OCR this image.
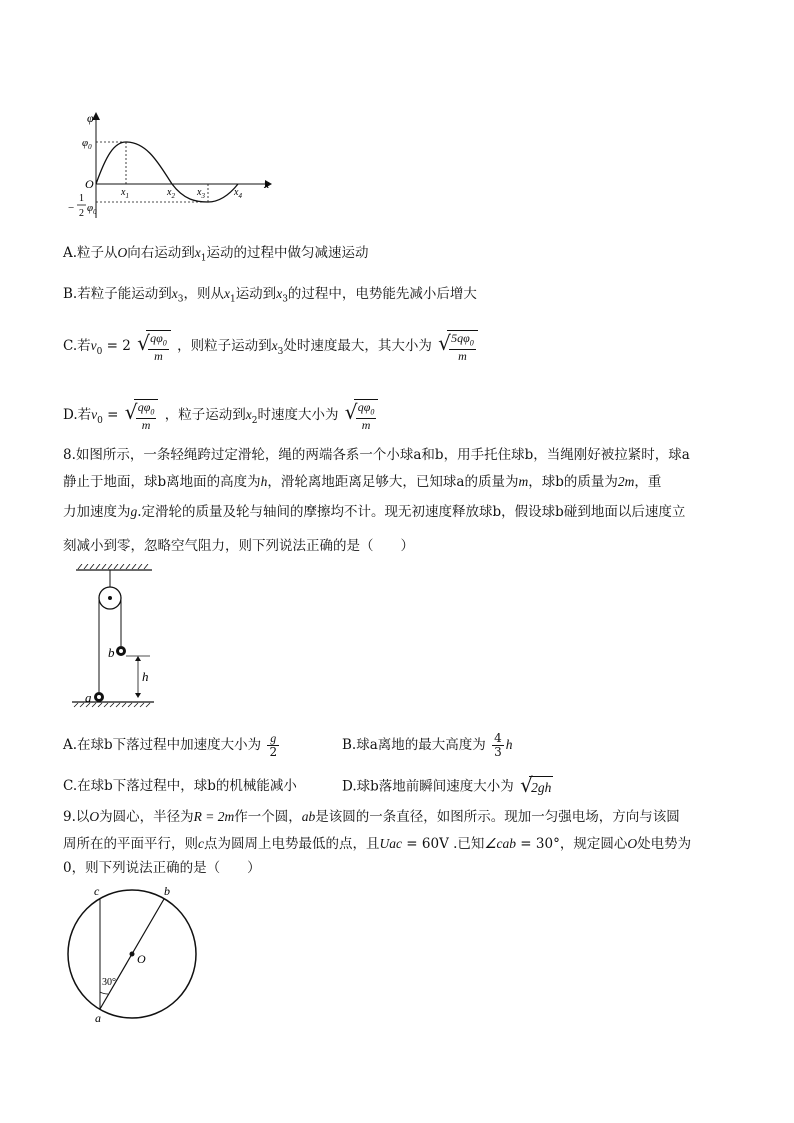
φ
$\varphi_0$
O	x
$x_1$	$x_2$ $x_3$	$x_4$
−
1
2 $\varphi_0$
A.粒子从O向右运动到$x_1$运动的过程中做匀减速运动
B.若粒子能运动到$x_3$，则从$x_1$运动到$x_3$的过程中，电势能先减小后增大
C.若$v_0 = 2$ √
$\frac{q\varphi_0}{m}$ ，则粒子运动到$x_3$处时速度最大，其大小为 √
$\frac{5q\varphi_0}{m}$
D.若$v_0$ = √
$\frac{q\varphi_0}{m}$ ，粒子运动到$x_2$时速度大小为 √
$\frac{q\varphi_0}{m}$
8.如图所示，一条轻绳跨过定滑轮，绳的两端各系一个小球a和b，用手托住球b，当绳刚好被拉紧时，球a
静止于地面，球b离地面的高度为h，滑轮离地距离足够大，已知球a的质量为m，球b的质量为2m，重
力加速度为g.定滑轮的质量及轮与轴间的摩擦均不计。现无初速度释放球b，假设球b碰到地面以后速度立
刻减小到零，忽略空气阻力，则下列说法正确的是（　　）
b
a
h
A.在球b下落过程中加速度大小为 $\frac{g}{2}$	B.球a离地的最大高度为 $\frac{4}{3}$ h
C.在球b下落过程中，球b的机械能减小	D.球b落地前瞬间速度大小为 √
2gh
9.以O为圆心，半径为R = 2m作一个圆，ab是该圆的一条直径，如图所示。现加一匀强电场，方向与该圆
周所在的平面平行，则c点为圆周上电势最低的点，且Uac = 60V .已知∠cab = 30°，规定圆心O处电势为
0，则下列说法正确的是（　　）
c	b
O
a
30°
